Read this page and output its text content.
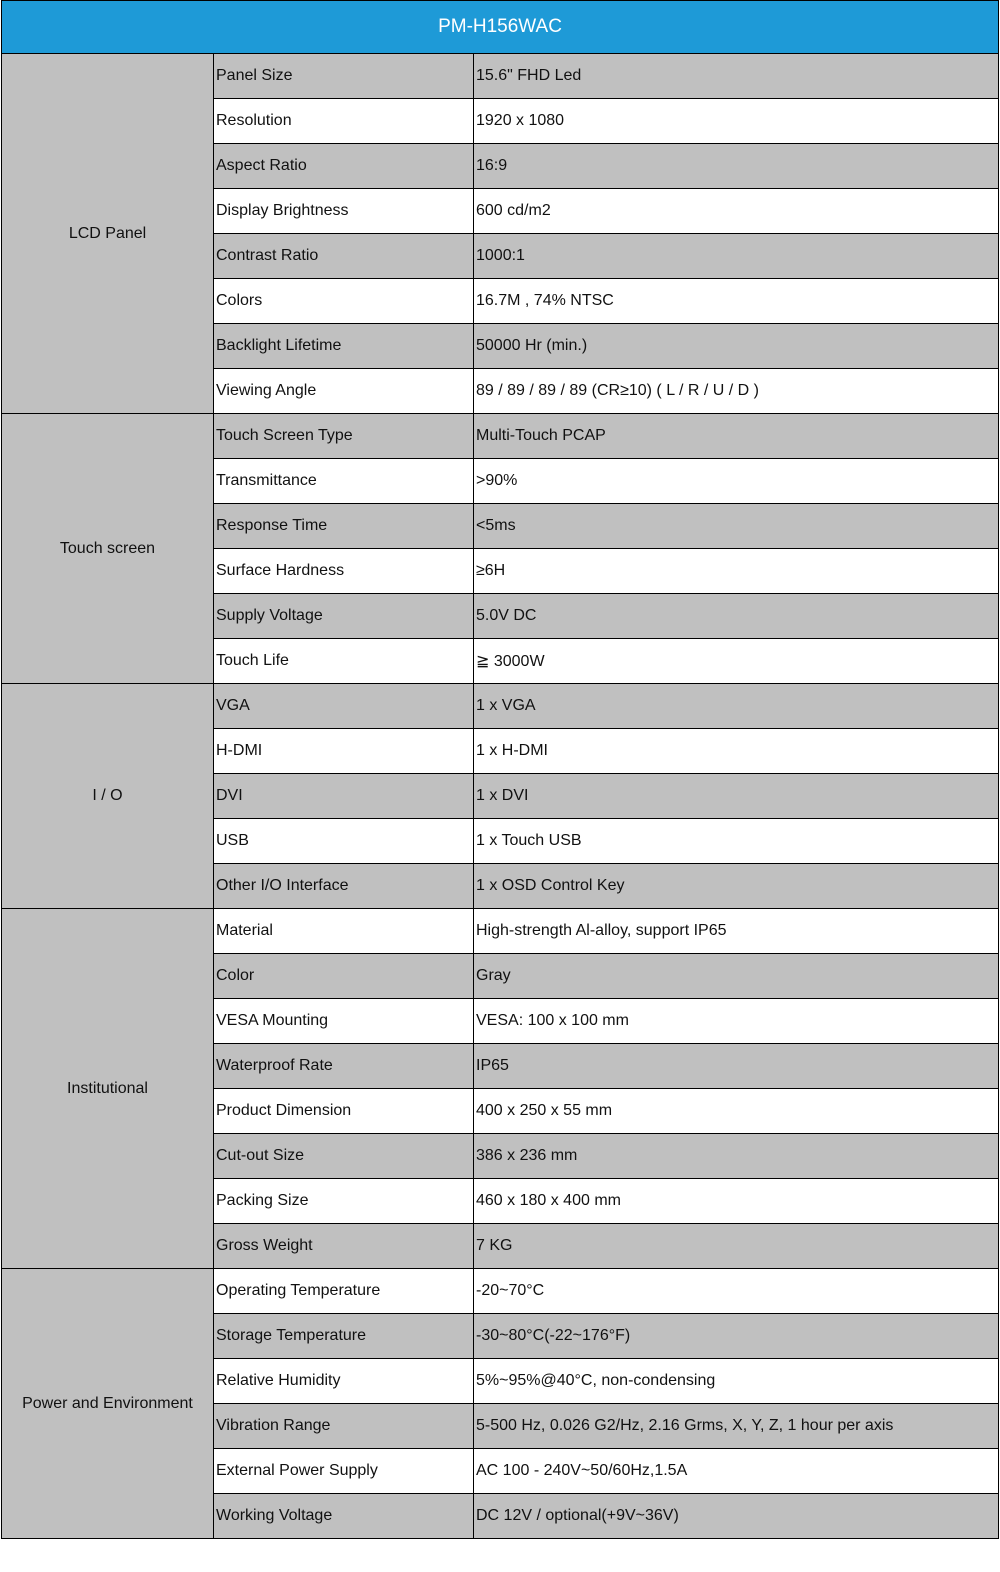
PM-H156WAC		
LCD Panel	Panel Size	15.6" FHD Led
	Resolution	1920 x 1080
	Aspect Ratio	16:9
	Display Brightness	600 cd/m2
	Contrast Ratio	1000:1
	Colors	16.7M , 74% NTSC
	Backlight Lifetime	50000 Hr (min.)
	Viewing Angle	89 / 89 / 89 / 89 (CR≥10) ( L / R / U / D )
Touch screen	Touch Screen Type	Multi-Touch PCAP
	Transmittance	>90%
	Response Time	<5ms
	Surface Hardness	≥6H
	Supply Voltage	5.0V DC
	Touch Life	≧ 3000W
I / O	VGA	1 x VGA
	H-DMI	1 x H-DMI
	DVI	1 x DVI
	USB	1 x Touch USB
	Other I/O Interface	1 x OSD Control Key
Institutional	Material	High-strength Al-alloy, support IP65
	Color	Gray
	VESA Mounting	VESA: 100 x 100 mm
	Waterproof Rate	IP65
	Product Dimension	400 x 250 x 55 mm
	Cut-out Size	386 x 236 mm
	Packing Size	460 x 180 x 400 mm
	Gross Weight	7 KG
Power and Environment	Operating Temperature	-20~70°C
	Storage Temperature	-30~80°C(-22~176°F)
	Relative Humidity	5%~95%@40°C, non-condensing
	Vibration Range	5-500 Hz, 0.026 G2/Hz, 2.16 Grms, X, Y, Z, 1 hour per axis
	External Power Supply	AC 100 - 240V~50/60Hz,1.5A
	Working Voltage	DC 12V / optional(+9V~36V)
